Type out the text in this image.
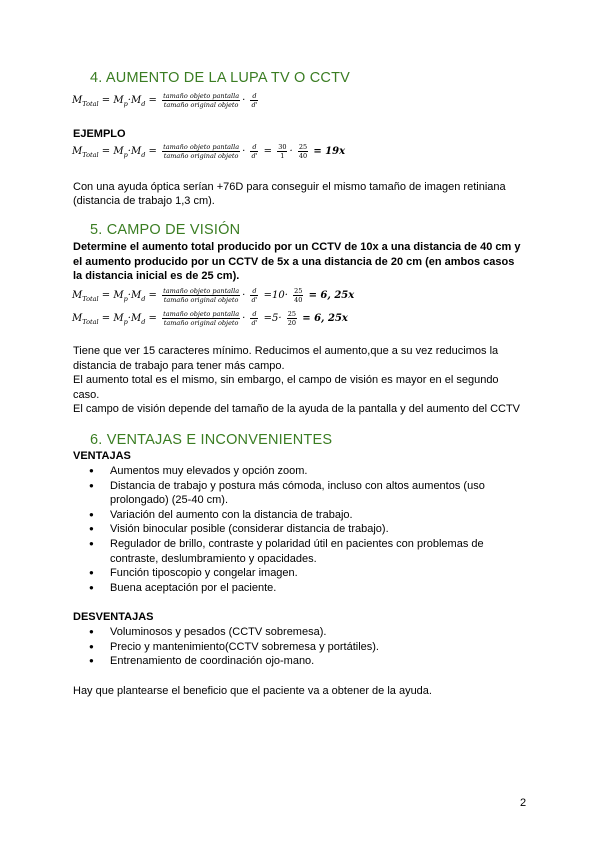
4. AUMENTO DE LA LUPA TV O CCTV
$M_{Total} = M_p\cdot M_d = \frac{\text{tamaño objeto pantalla}}{\text{tamaño original objeto}} \cdot \frac{d}{d'}$
EJEMPLO
$M_{Total} = M_p\cdot M_d = \frac{\text{tamaño objeto pantalla}}{\text{tamaño original objeto}} \cdot \frac{d}{d'} = \frac{30}{1} \cdot \frac{25}{40} = 19x$
Con una ayuda óptica serían +76D para conseguir el mismo tamaño de imagen retiniana
(distancia de trabajo 1,3 cm).
5. CAMPO DE VISIÓN
Determine el aumento total producido por un CCTV de 10x a una distancia de 40 cm y
el aumento producido por un CCTV de 5x a una distancia de 20 cm (en ambos casos
la distancia inicial es de 25 cm).
$M_{Total} = M_p\cdot M_d = \frac{\text{tamaño objeto pantalla}}{\text{tamaño original objeto}} \cdot \frac{d}{d'} =10\cdot \frac{25}{40} = 6$, 25x
$M_{Total} = M_p\cdot M_d = \frac{\text{tamaño objeto pantalla}}{\text{tamaño original objeto}} \cdot \frac{d}{d'} =5\cdot \frac{25}{20} = 6$, 25x
Tiene que ver 15 caracteres mínimo. Reducimos el aumento,que a su vez reducimos la
distancia de trabajo para tener más campo.
El aumento total es el mismo, sin embargo, el campo de visión es mayor en el segundo
caso.
El campo de visión depende del tamaño de la ayuda de la pantalla y del aumento del CCTV
6. VENTAJAS E INCONVENIENTES
VENTAJAS
● Aumentos muy elevados y opción zoom.
● Distancia de trabajo y postura más cómoda, incluso con altos aumentos (uso
prolongado) (25-40 cm).
● Variación del aumento con la distancia de trabajo.
● Visión binocular posible (considerar distancia de trabajo).
● Regulador de brillo, contraste y polaridad útil en pacientes con problemas de
contraste, deslumbramiento y opacidades.
● Función tiposcopio y congelar imagen.
● Buena aceptación por el paciente.
DESVENTAJAS
● Voluminosos y pesados (CCTV sobremesa).
● Precio y mantenimiento(CCTV sobremesa y portátiles).
● Entrenamiento de coordinación ojo-mano.
Hay que plantearse el beneficio que el paciente va a obtener de la ayuda.
2
